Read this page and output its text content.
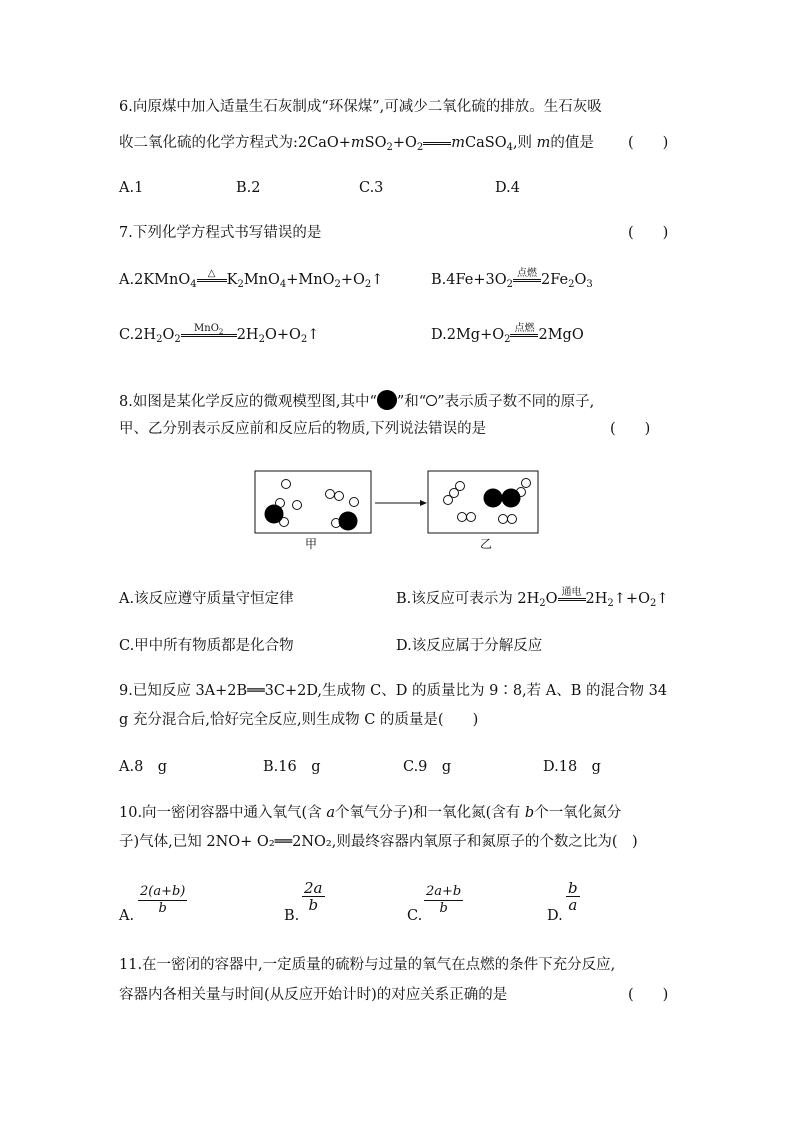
6.向原煤中加入适量生石灰制成“环保煤”,可减少二氧化硫的排放。生石灰吸
收二氧化硫的化学方程式为$:2CaO+mSO_2+O_2$ mCaSO$_4$,则 m的值是 (　　)
A.1	B.2	C.3	D.4
7.下列化学方程式书写错误的是	(　　)
A.2KMnO$_4$
△ $K_2MnO_4+MnO_2+O_2↑$	$B.4Fe+3O_2$
点燃 $2Fe_2O_3$
$C.2H_2O_2$
MnO$_2$ $2H_2O+O_2↑$	$D.2Mg+O_2$
点燃 2MgO
8.如图是某化学反应的微观模型图,其中“ ”和“ ”表示质子数不同的原子,
甲、乙分别表示反应前和反应后的物质,下列说法错误的是	(　　)
甲	乙
A.该反应遵守质量守恒定律	B.该反应可表示为 $2H_2O$ 通电 $2H_2↑+O_2↑$
C.甲中所有物质都是化合物	D.该反应属于分解反应
9.已知反应 3A+2B══3C+2D,生成物 C、D 的质量比为 9∶8,若 A、B 的混合物 34
g 充分混合后,恰好完全反应,则生成物 C 的质量是(　　)
A.8　g	B.16　g	C.9　g	D.18　g
10.向一密闭容器中通入氧气(含 a个氧气分子)和一氧化氮(含有 b个一氧化氮分
子)气体,已知 2NO+ O₂══2NO₂,则最终容器内氧原子和氮原子的个数之比为(　)
A. $\frac{2(a+b)}{b}$	B.
$\frac{2a}{b}$
C. $\frac{2a+b}{b}$	D.
$\frac{b}{a}$
11.在一密闭的容器中,一定质量的硫粉与过量的氧气在点燃的条件下充分反应,
容器内各相关量与时间(从反应开始计时)的对应关系正确的是	(　　)
